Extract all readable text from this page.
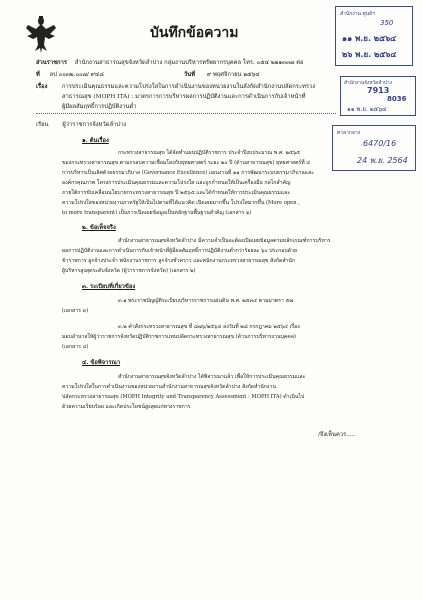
บันทึกข้อความ
สำนักงาน ศูนย์ฯ
350
๑๑ พ.ย. ๒๕๖๔
๒๖ พ.ย. ๒๕๖๔
สำนักงานจังหวัดลำปาง
7913
8036
๑๑ พ.ย. ๒๕๖๔
ศาลากลาง
6470/16
24 พ.ย. 2564
ส่วนราชการ สำนักงานสาธารณสุขจังหวัดลำปาง กลุ่มงานบริหารทรัพยากรบุคคล โทร. ๐๕๔ ๒๒๑๓๓๗ ต่อ
ที่ ลป ๐๐๓๒.๐๐๗/ ๙๔๘	วันที่ ๙ พฤศจิกายน ๒๕๖๔
เรื่อง	การประเมินคุณธรรมและความโปร่งใสในการดำเนินงานของหน่วยงานในสังกัดสำนักงานปลัดกระทรวง
สาธารณสุข (MOPH ITA) : มาตรการการบริหารผลการปฏิบัติงานและการดำเนินการกับเจ้าหน้าที่
ผู้มีผลสัมฤทธิ์การปฏิบัติงานต่ำ
เรียน ผู้ว่าราชการจังหวัดลำปาง
๑. ต้นเรื่อง
กระทรวงสาธารณสุข ได้จัดทำแผนปฏิบัติราชการ ประจำปีงบประมาณ พ.ศ. ๒๕๖๕
ของกระทรวงสาธารณสุข ตามกรอบความเชื่อมโยงกับยุทธศาสตร์ ระยะ ๒๐ ปี (ด้านสาธารณสุข) ยุทธศาสตร์ที่ ๔
การบริหารเป็นเลิศด้วยธรรมาภิบาล (Governance Excellence) แผนงานที่ ๑๑ การพัฒนาระบบธรรมาภิบาลและ
องค์กรคุณภาพ โครงการประเมินคุณธรรมและความโปร่งใส และถูกกำหนดให้เป็นเครื่องมือ กลไกสำคัญ
ภายใต้การขับเคลื่อนนโยบายกระทรวงสาธารณสุข ปี ๒๕๖๕ และได้กำหนดให้การประเมินคุณธรรมและ
ความโปร่งใสของหน่วยงานภาครัฐให้เป็นไปตามที่ได้แนวคิด เปิดเผยมากขึ้น โปร่งใสมากขึ้น (More open ,
to more transparent) เป็นการเปิดเผยข้อมูลเป็นหลักฐานพื้นฐานสำคัญ (เอกสาร ๑)
๒. ข้อเท็จจริง
สำนักงานสาธารณสุขจังหวัดลำปาง มีความจำเป็นจะต้องเปิดเผยข้อมูลตามหลักเกณฑ์การบริหาร
ผลการปฏิบัติงานและการดำเนินการกับเจ้าหน้าที่ผู้มีผลสัมฤทธิ์การปฏิบัติงานต่ำกว่าร้อยละ ๖๐ ประกอบด้วย
ข้าราชการ ลูกจ้างประจำ พนักงานราชการ ลูกจ้างชั่วคราว และพนักงานกระทรวงสาธารณสุข สังกัดสำนัก
ผู้บริหารสูงสุดระดับจังหวัด (ผู้ว่าราชการจังหวัด) (เอกสาร ๒)
๓. ระเบียบที่เกี่ยวข้อง
๓.๑ พระราชบัญญัติระเบียบบริหารราชการแผ่นดิน พ.ศ. ๒๕๓๔ ตามมาตรา ๕๗
(เอกสาร ๓)
๓.๒ คำสั่งกระทรวงสาธารณสุข ที่ ๘๗๖/๒๕๖๔ ลงวันที่ ๒๘ กรกฎาคม ๒๕๖๔ เรื่อง
มอบอำนาจให้ผู้ว่าราชการจังหวัดปฏิบัติราชการแทนปลัดกระทรวงสาธารณสุข (ด้านการบริหารงานบุคคล)
(เอกสาร ๔)
๔. ข้อพิจารณา
สำนักงานสาธารณสุขจังหวัดลำปาง ได้พิจารณาแล้ว เพื่อให้การประเมินคุณธรรมและ
ความโปร่งใสในการดำเนินงานของหน่วยงานสำนักงานสาธารณสุขจังหวัดลำปาง สังกัดสำนักงาน
ปลัดกระทรวงสาธารณสุข (MOPH Integrity and Transparency Assessment : MOPH ITA) ดำเนินไป
ด้วยความเรียบร้อย และเกิดประโยชน์สูงสุดแก่ทางราชการ
/จึงเห็นควร.....
